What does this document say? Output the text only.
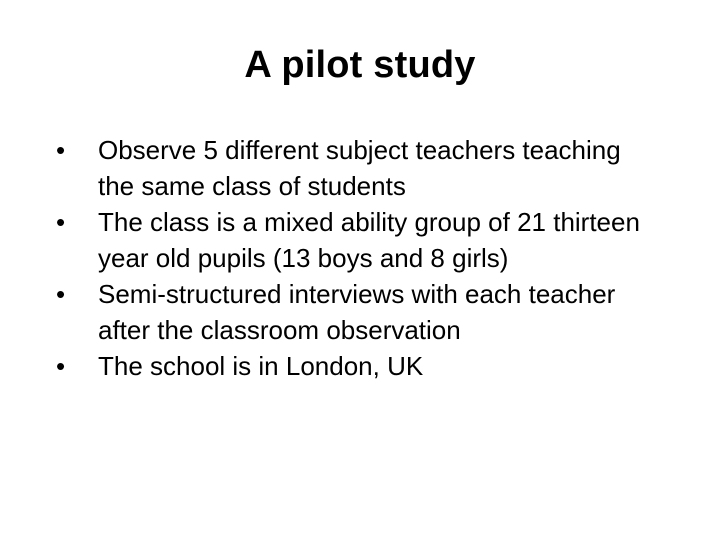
A pilot study
•	Observe 5 different subject teachers teaching the same class of students
•	The class is a mixed ability group of 21 thirteen year old pupils (13 boys and 8 girls)
•	Semi-structured interviews with each teacher after the classroom observation
•	The school is in London, UK
